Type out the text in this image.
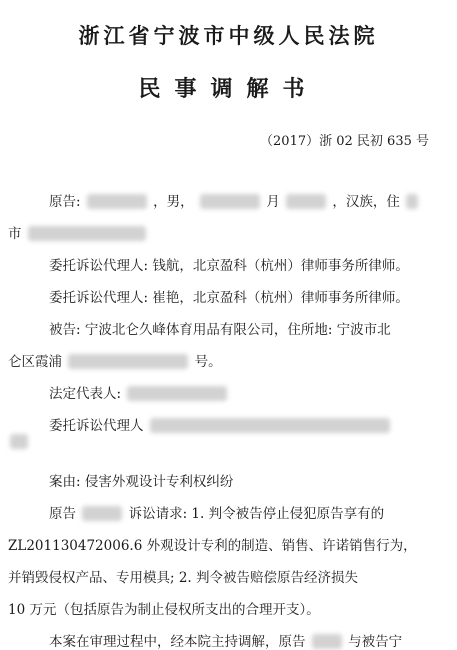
浙江省宁波市中级人民法院
民事调解书
（2017）浙 02 民初 635 号
原告:	，男，	月	，汉族，住
市
委托诉讼代理人: 钱航，北京盈科（杭州）律师事务所律师。
委托诉讼代理人: 崔艳，北京盈科（杭州）律师事务所律师。
被告: 宁波北仑久峰体育用品有限公司，住所地: 宁波市北
仑区霞浦	号。
法定代表人:
委托诉讼代理人
案由: 侵害外观设计专利权纠纷
原告	诉讼请求: 1. 判令被告停止侵犯原告享有的
ZL201130472006.6 外观设计专利的制造、销售、许诺销售行为，
并销毁侵权产品、专用模具; 2. 判令被告赔偿原告经济损失
10 万元（包括原告为制止侵权所支出的合理开支）。
本案在审理过程中，经本院主持调解，原告	与被告宁
